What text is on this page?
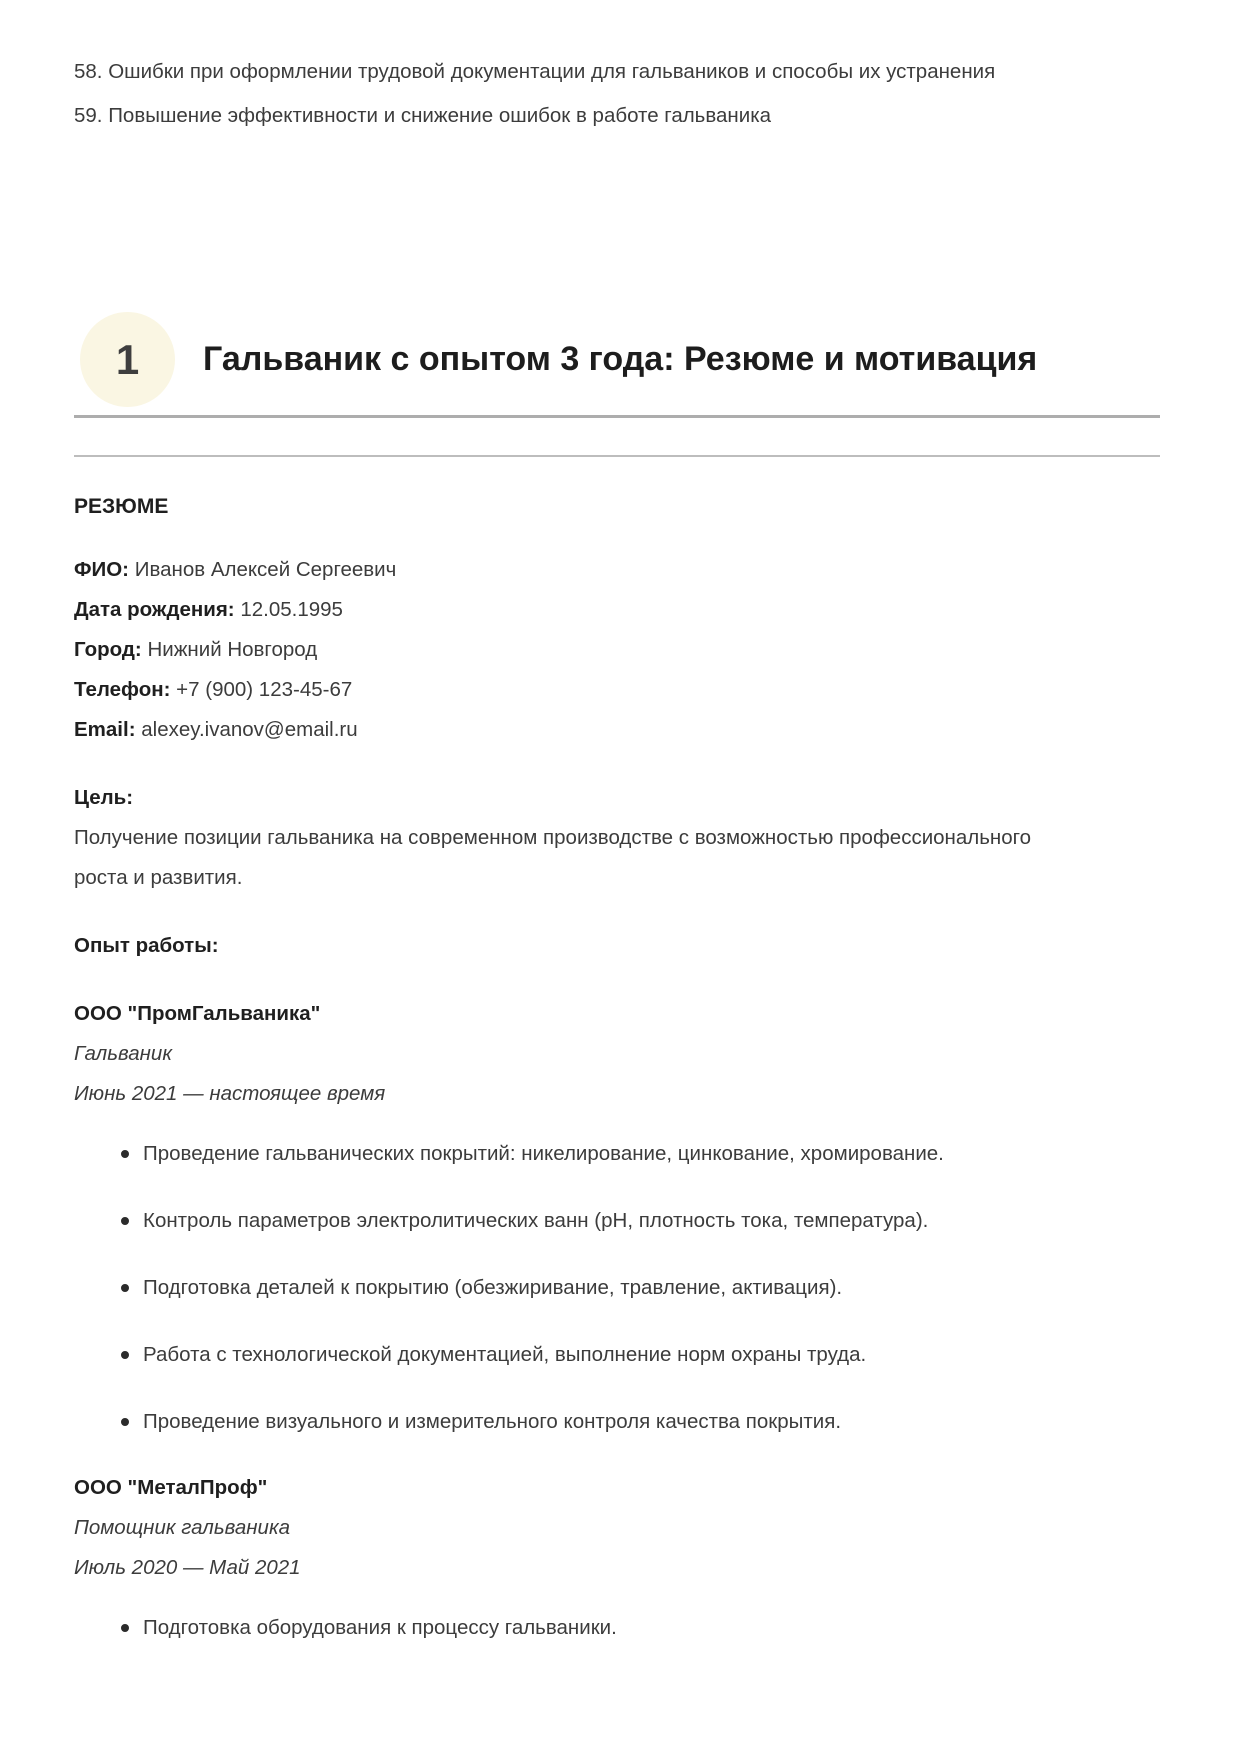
58. Ошибки при оформлении трудовой документации для гальваников и способы их устранения

59. Повышение эффективности и снижение ошибок в работе гальваника

1 Гальваник с опытом 3 года: Резюме и мотивация
РЕЗЮМЕ
ФИО: Иванов Алексей Сергеевич
Дата рождения: 12.05.1995
Город: Нижний Новгород
Телефон: +7 (900) 123-45-67
Email: alexey.ivanov@email.ru

Цель:
Получение позиции гальваника на современном производстве с возможностью профессионального роста и развития.

Опыт работы:

ООО "ПромГальваника"
Гальваник
Июнь 2021 — настоящее время

Проведение гальванических покрытий: никелирование, цинкование, хромирование.
Контроль параметров электролитических ванн (pH, плотность тока, температура).
Подготовка деталей к покрытию (обезжиривание, травление, активация).
Работа с технологической документацией, выполнение норм охраны труда.
Проведение визуального и измерительного контроля качества покрытия.

ООО "МеталПроф"
Помощник гальваника
Июль 2020 — Май 2021

Подготовка оборудования к процессу гальваники.
